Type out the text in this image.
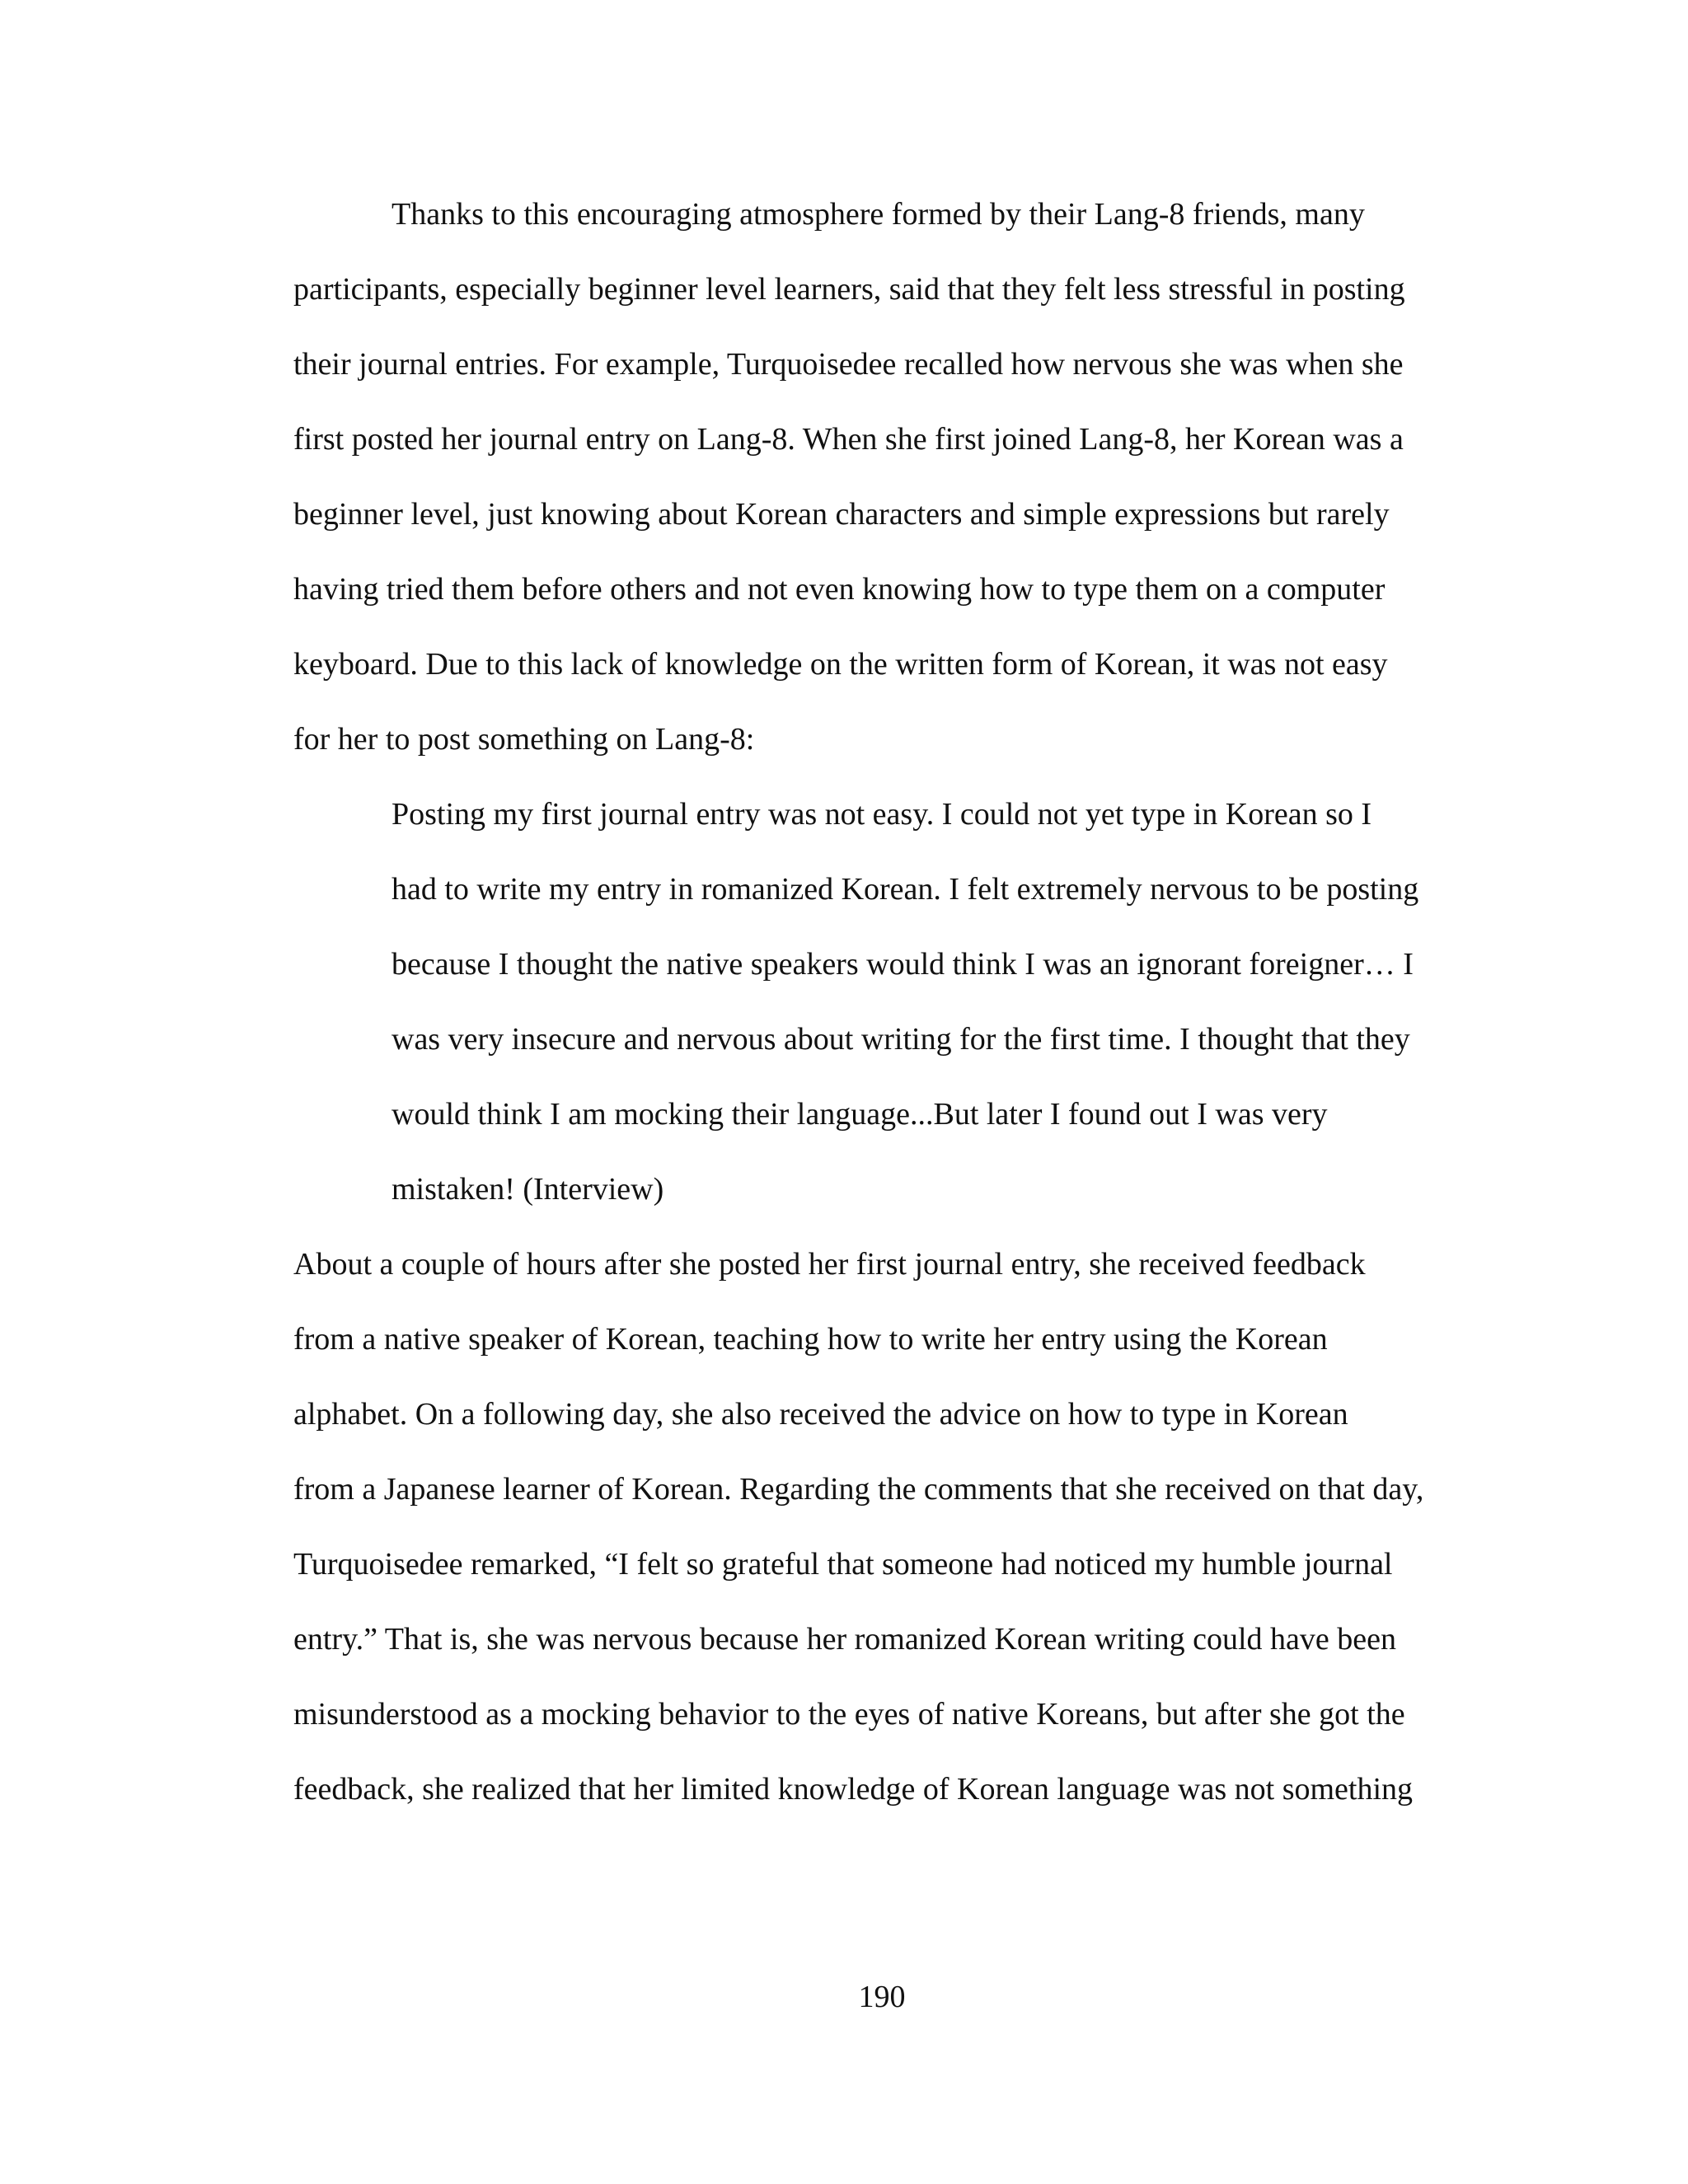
Thanks to this encouraging atmosphere formed by their Lang-8 friends, many

participants, especially beginner level learners, said that they felt less stressful in posting

their journal entries. For example, Turquoisedee recalled how nervous she was when she

first posted her journal entry on Lang-8. When she first joined Lang-8, her Korean was a

beginner level, just knowing about Korean characters and simple expressions but rarely

having tried them before others and not even knowing how to type them on a computer

keyboard. Due to this lack of knowledge on the written form of Korean, it was not easy

for her to post something on Lang-8:

Posting my first journal entry was not easy. I could not yet type in Korean so I

had to write my entry in romanized Korean. I felt extremely nervous to be posting

because I thought the native speakers would think I was an ignorant foreigner… I

was very insecure and nervous about writing for the first time. I thought that they

would think I am mocking their language...But later I found out I was very

mistaken! (Interview)

About a couple of hours after she posted her first journal entry, she received feedback

from a native speaker of Korean, teaching how to write her entry using the Korean

alphabet. On a following day, she also received the advice on how to type in Korean

from a Japanese learner of Korean. Regarding the comments that she received on that day,

Turquoisedee remarked, “I felt so grateful that someone had noticed my humble journal

entry.” That is, she was nervous because her romanized Korean writing could have been

misunderstood as a mocking behavior to the eyes of native Koreans, but after she got the

feedback, she realized that her limited knowledge of Korean language was not something

190
